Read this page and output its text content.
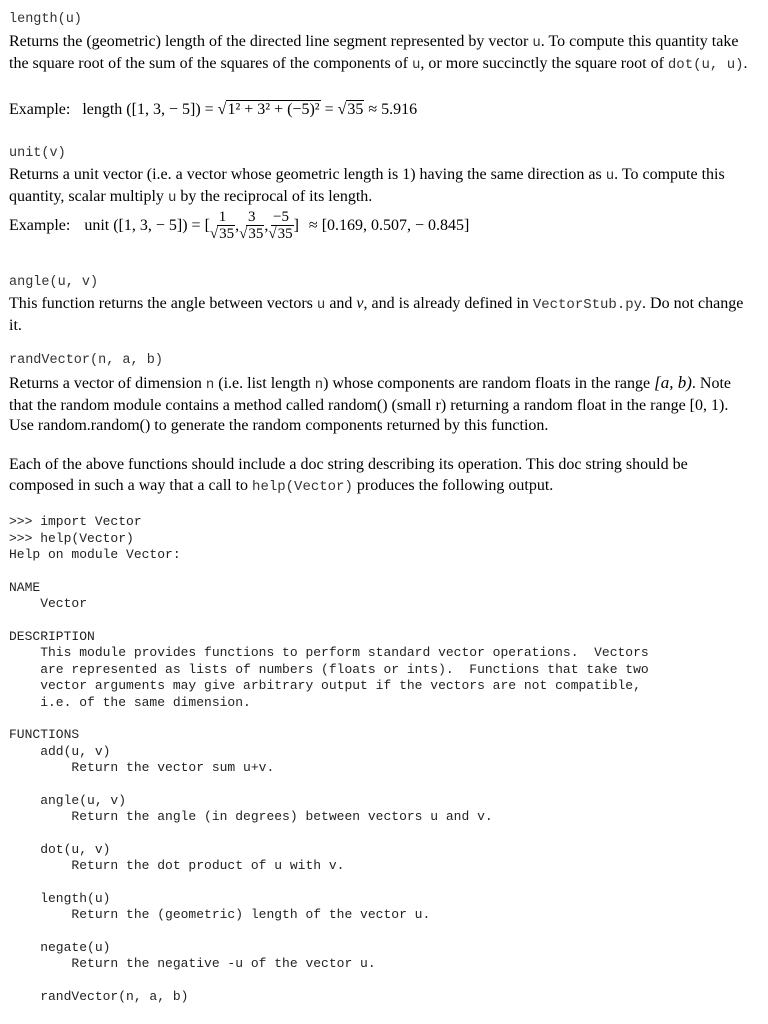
length(u)
Returns the (geometric) length of the directed line segment represented by vector u. To compute this quantity take the square root of the sum of the squares of the components of u, or more succinctly the square root of dot(u, u).
Example: length ([1, 3, − 5]) = √1² + 3² + (−5)² = √35 ≈ 5.916
unit(v)
Returns a unit vector (i.e. a vector whose geometric length is 1) having the same direction as u. To compute this quantity, scalar multiply u by the reciprocal of its length.
Example: unit ([1, 3, − 5]) = [ $\frac{1}{√35}$ , $\frac{3}{√35}$ , $\frac{-5}{√35}$ ] ≈ [0.169, 0.507, − 0.845]
angle(u, v)
This function returns the angle between vectors u and v, and is already defined in VectorStub.py. Do not change it.
randVector(n, a, b)
Returns a vector of dimension n (i.e. list length n) whose components are random floats in the range [a, b). Note that the random module contains a method called random() (small r) returning a random float in the range [0, 1). Use random.random() to generate the random components returned by this function.
Each of the above functions should include a doc string describing its operation. This doc string should be composed in such a way that a call to help(Vector) produces the following output.
>>> import Vector
>>> help(Vector)
Help on module Vector:
NAME
Vector
DESCRIPTION
This module provides functions to perform standard vector operations.  Vectors
are represented as lists of numbers (floats or ints).  Functions that take two
vector arguments may give arbitrary output if the vectors are not compatible,
i.e. of the same dimension.
FUNCTIONS
add(u, v)
Return the vector sum u+v.
angle(u, v)
Return the angle (in degrees) between vectors u and v.
dot(u, v)
Return the dot product of u with v.
length(u)
Return the (geometric) length of the vector u.
negate(u)
Return the negative -u of the vector u.
randVector(n, a, b)
